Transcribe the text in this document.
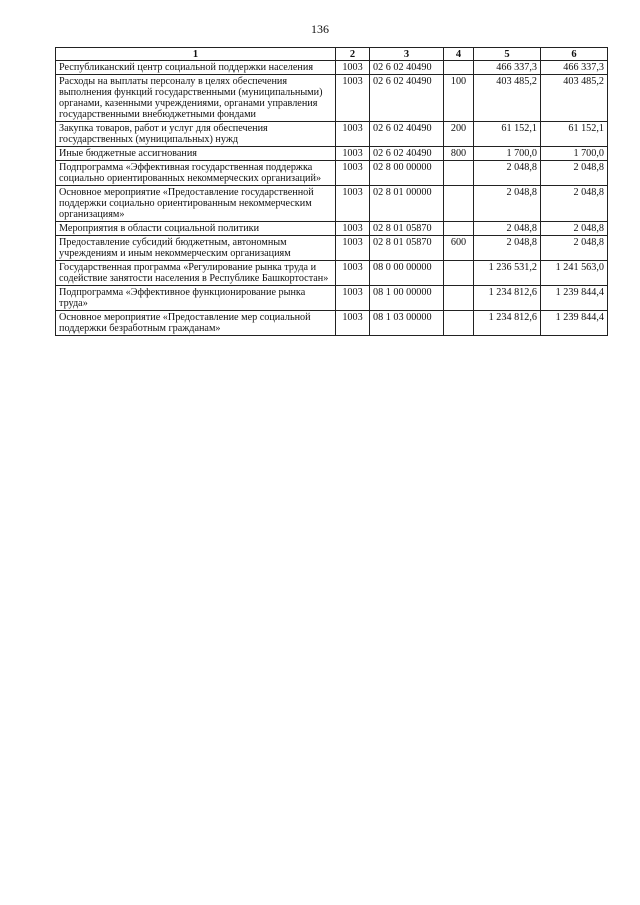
136
1	2	3	4	5	6
Республиканский центр социальной поддержки населения	1003	02 6 02 40490		466 337,3	466 337,3
Расходы на выплаты персоналу в целях обеспечения выполнения функций государственными (муниципальными) органами, казенными учреждениями, органами управления государственными внебюджетными фондами	1003	02 6 02 40490	100	403 485,2	403 485,2
Закупка товаров, работ и услуг для обеспечения государственных (муниципальных) нужд	1003	02 6 02 40490	200	61 152,1	61 152,1
Иные бюджетные ассигнования	1003	02 6 02 40490	800	1 700,0	1 700,0
Подпрограмма «Эффективная государственная поддержка социально ориентированных некоммерческих организаций»	1003	02 8 00 00000		2 048,8	2 048,8
Основное мероприятие «Предоставление государственной поддержки социально ориентированным некоммерческим организациям»	1003	02 8 01 00000		2 048,8	2 048,8
Мероприятия в области социальной политики	1003	02 8 01 05870		2 048,8	2 048,8
Предоставление субсидий бюджетным, автономным учреждениям и иным некоммерческим организациям	1003	02 8 01 05870	600	2 048,8	2 048,8
Государственная программа «Регулирование рынка труда и содействие занятости населения в Республике Башкортостан»	1003	08 0 00 00000		1 236 531,2	1 241 563,0
Подпрограмма «Эффективное функционирование рынка труда»	1003	08 1 00 00000		1 234 812,6	1 239 844,4
Основное мероприятие «Предоставление мер социальной поддержки безработным гражданам»	1003	08 1 03 00000		1 234 812,6	1 239 844,4
